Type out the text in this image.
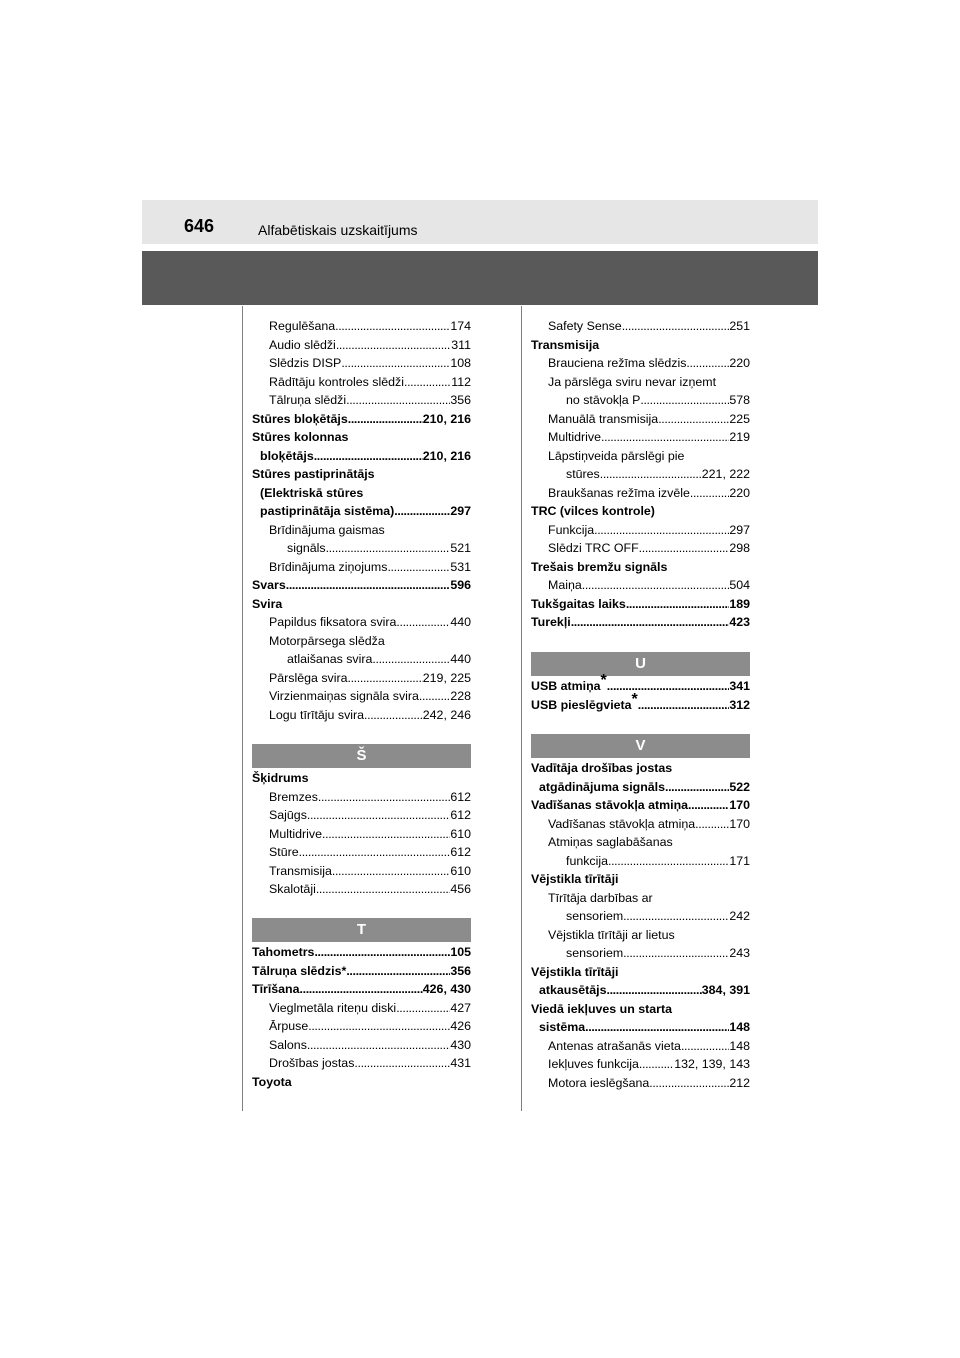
646	Alfabētiskais uzskaitījums
Regulēšana . . .	174
Audio slēdži . . .	311
Slēdzis DISP . . .	108
Rādītāju kontroles slēdži . . .	112
Tālruņa slēdži . . .	356
Stūres bloķētājs . . .	210, 216
Stūres kolonnas
bloķētājs . . .	210, 216
Stūres pastiprinātājs
(Elektriskā stūres
pastiprinātāja sistēma) . . .	297
Brīdinājuma gaismas
signāls . . .	521
Brīdinājuma ziņojums . . .	531
Svars . . .	596
Svira
Papildus fiksatora svira . . .	440
Motorpārsega slēdža
atlaišanas svira . . .	440
Pārslēga svira . . .	219, 225
Virzienmaiņas signāla svira . . .	228
Logu tīrītāju svira . . .	242, 246
Š
Šķidrums
Bremzes . . .	612
Sajūgs . . .	612
Multidrive . . .	610
Stūre . . .	612
Transmisija . . .	610
Skalotāji . . .	456
T
Tahometrs . . .	105
Tālruņa slēdzis* . . .	356
Tīrīšana . . .	426, 430
Vieglmetāla riteņu diski . . .	427
Ārpuse . . .	426
Salons . . .	430
Drošības jostas . . .	431
Toyota
Safety Sense . . .	251
Transmisija
Brauciena režīma slēdzis . . .	220
Ja pārslēga sviru nevar izņemt
no stāvokļa P . . .	578
Manuālā transmisija . . .	225
Multidrive . . .	219
Lāpstiņveida pārslēgi pie
stūres . . .	221, 222
Braukšanas režīma izvēle . . .	220
TRC (vilces kontrole)
Funkcija . . .	297
Slēdzi TRC OFF . . .	298
Trešais bremžu signāls
Maiņa . . .	504
Tukšgaitas laiks . . .	189
Turekļi . . .	423
U
USB atmiņa* . . .	341
USB pieslēgvieta* . . .	312
V
Vadītāja drošības jostas
atgādinājuma signāls . . .	522
Vadīšanas stāvokļa atmiņa . . .	170
Vadīšanas stāvokļa atmiņa . . .	170
Atmiņas saglabāšanas
funkcija . . .	171
Vējstikla tīrītāji
Tīrītāja darbības ar
sensoriem . . .	242
Vējstikla tīrītāji ar lietus
sensoriem . . .	243
Vējstikla tīrītāji
atkausētājs . . .	384, 391
Viedā iekļuves un starta
sistēma . . .	148
Antenas atrašanās vieta . . .	148
Iekļuves funkcija . . .	132, 139, 143
Motora ieslēgšana . . .	212
